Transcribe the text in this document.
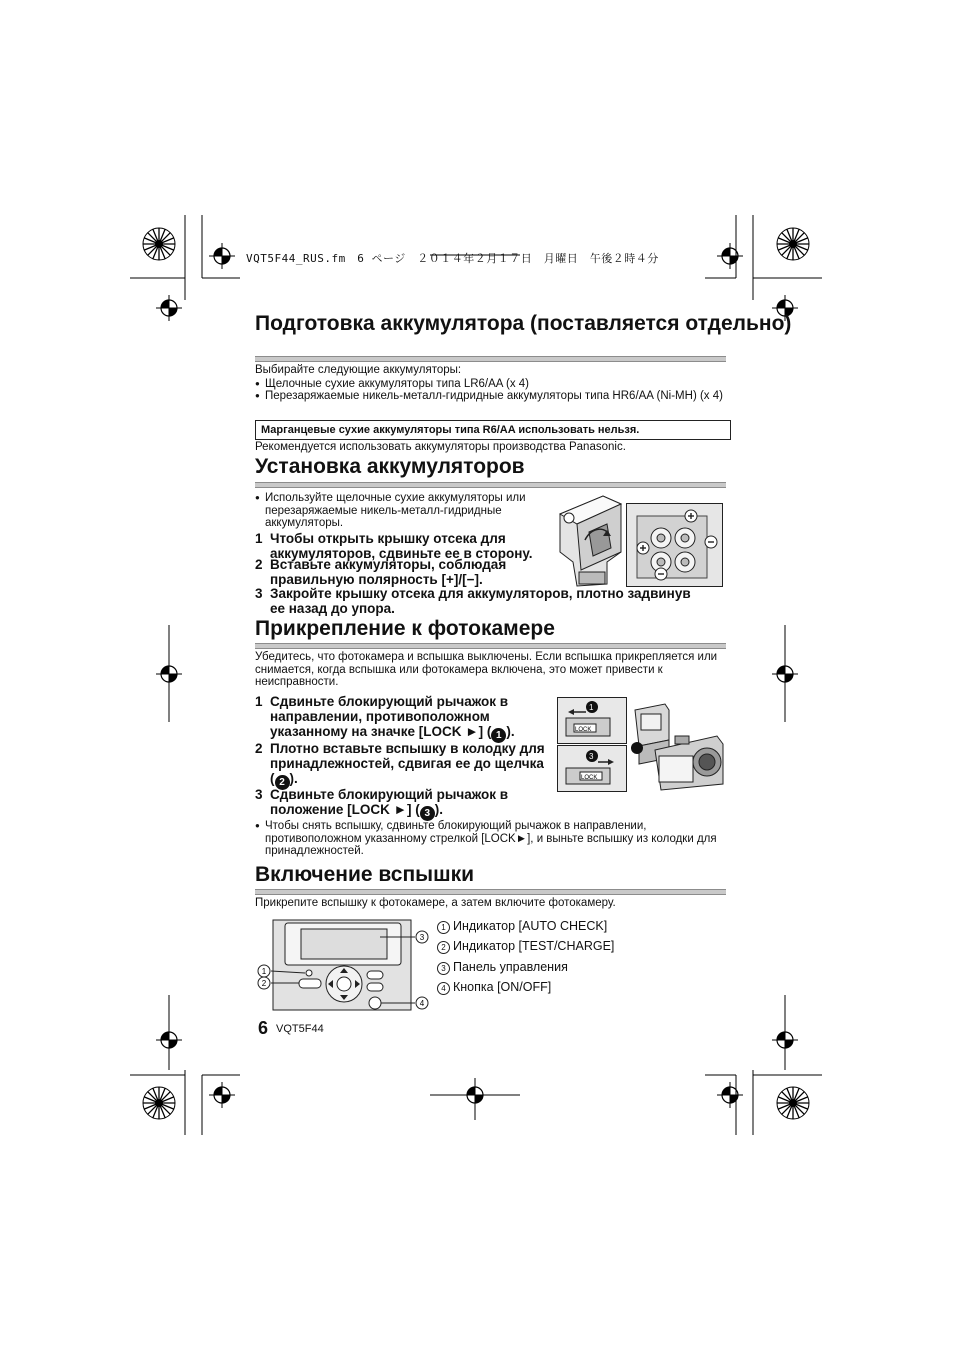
VQT5F44_RUS.fm　6 ページ　２０１４年２月１７日　月曜日　午後２時４分
Подготовка аккумулятора (поставляется отдельно)
Выбирайте следующие аккумуляторы:
● Щелочные сухие аккумуляторы типа LR6/AA (x 4)
● Перезаряжаемые никель-металл-гидридные аккумуляторы типа HR6/AA (Ni-MH) (x 4)
Марганцевые сухие аккумуляторы типа R6/AA использовать нельзя.
Рекомендуется использовать аккумуляторы производства Panasonic.
Установка аккумуляторов
● Используйте щелочные сухие аккумуляторы или перезаряжаемые никель-металл-гидридные аккумуляторы.
1 Чтобы открыть крышку отсека для аккумуляторов, сдвиньте ее в сторону.
2 Вставьте аккумуляторы, соблюдая правильную полярность [+]/[−].
3 Закройте крышку отсека для аккумуляторов, плотно задвинув ее назад до упора.
Прикрепление к фотокамере
Убедитесь, что фотокамера и вспышка выключены. Если вспышка прикрепляется или снимается, когда вспышка или фотокамера включена, это может привести к неисправности.
1 Сдвиньте блокирующий рычажок в направлении, противоположном указанному на значке [LOCK ►] ( 1 ).
2 Плотно вставьте вспышку в колодку для принадлежностей, сдвигая ее до щелчка ( 2 ).
3 Сдвиньте блокирующий рычажок в положение [LOCK ►] ( 3 ).
● Чтобы снять вспышку, сдвиньте блокирующий рычажок в направлении, противоположном указанному стрелкой [LOCK►], и выньте вспышку из колодки для принадлежностей.
LOCK
1
LOCK
3
Включение вспышки
Прикрепите вспышку к фотокамере, а затем включите фотокамеру.
1
2
3
4
1 Индикатор [AUTO CHECK]
2 Индикатор [TEST/CHARGE]
3 Панель управления
4 Кнопка [ON/OFF]
6 VQT5F44
